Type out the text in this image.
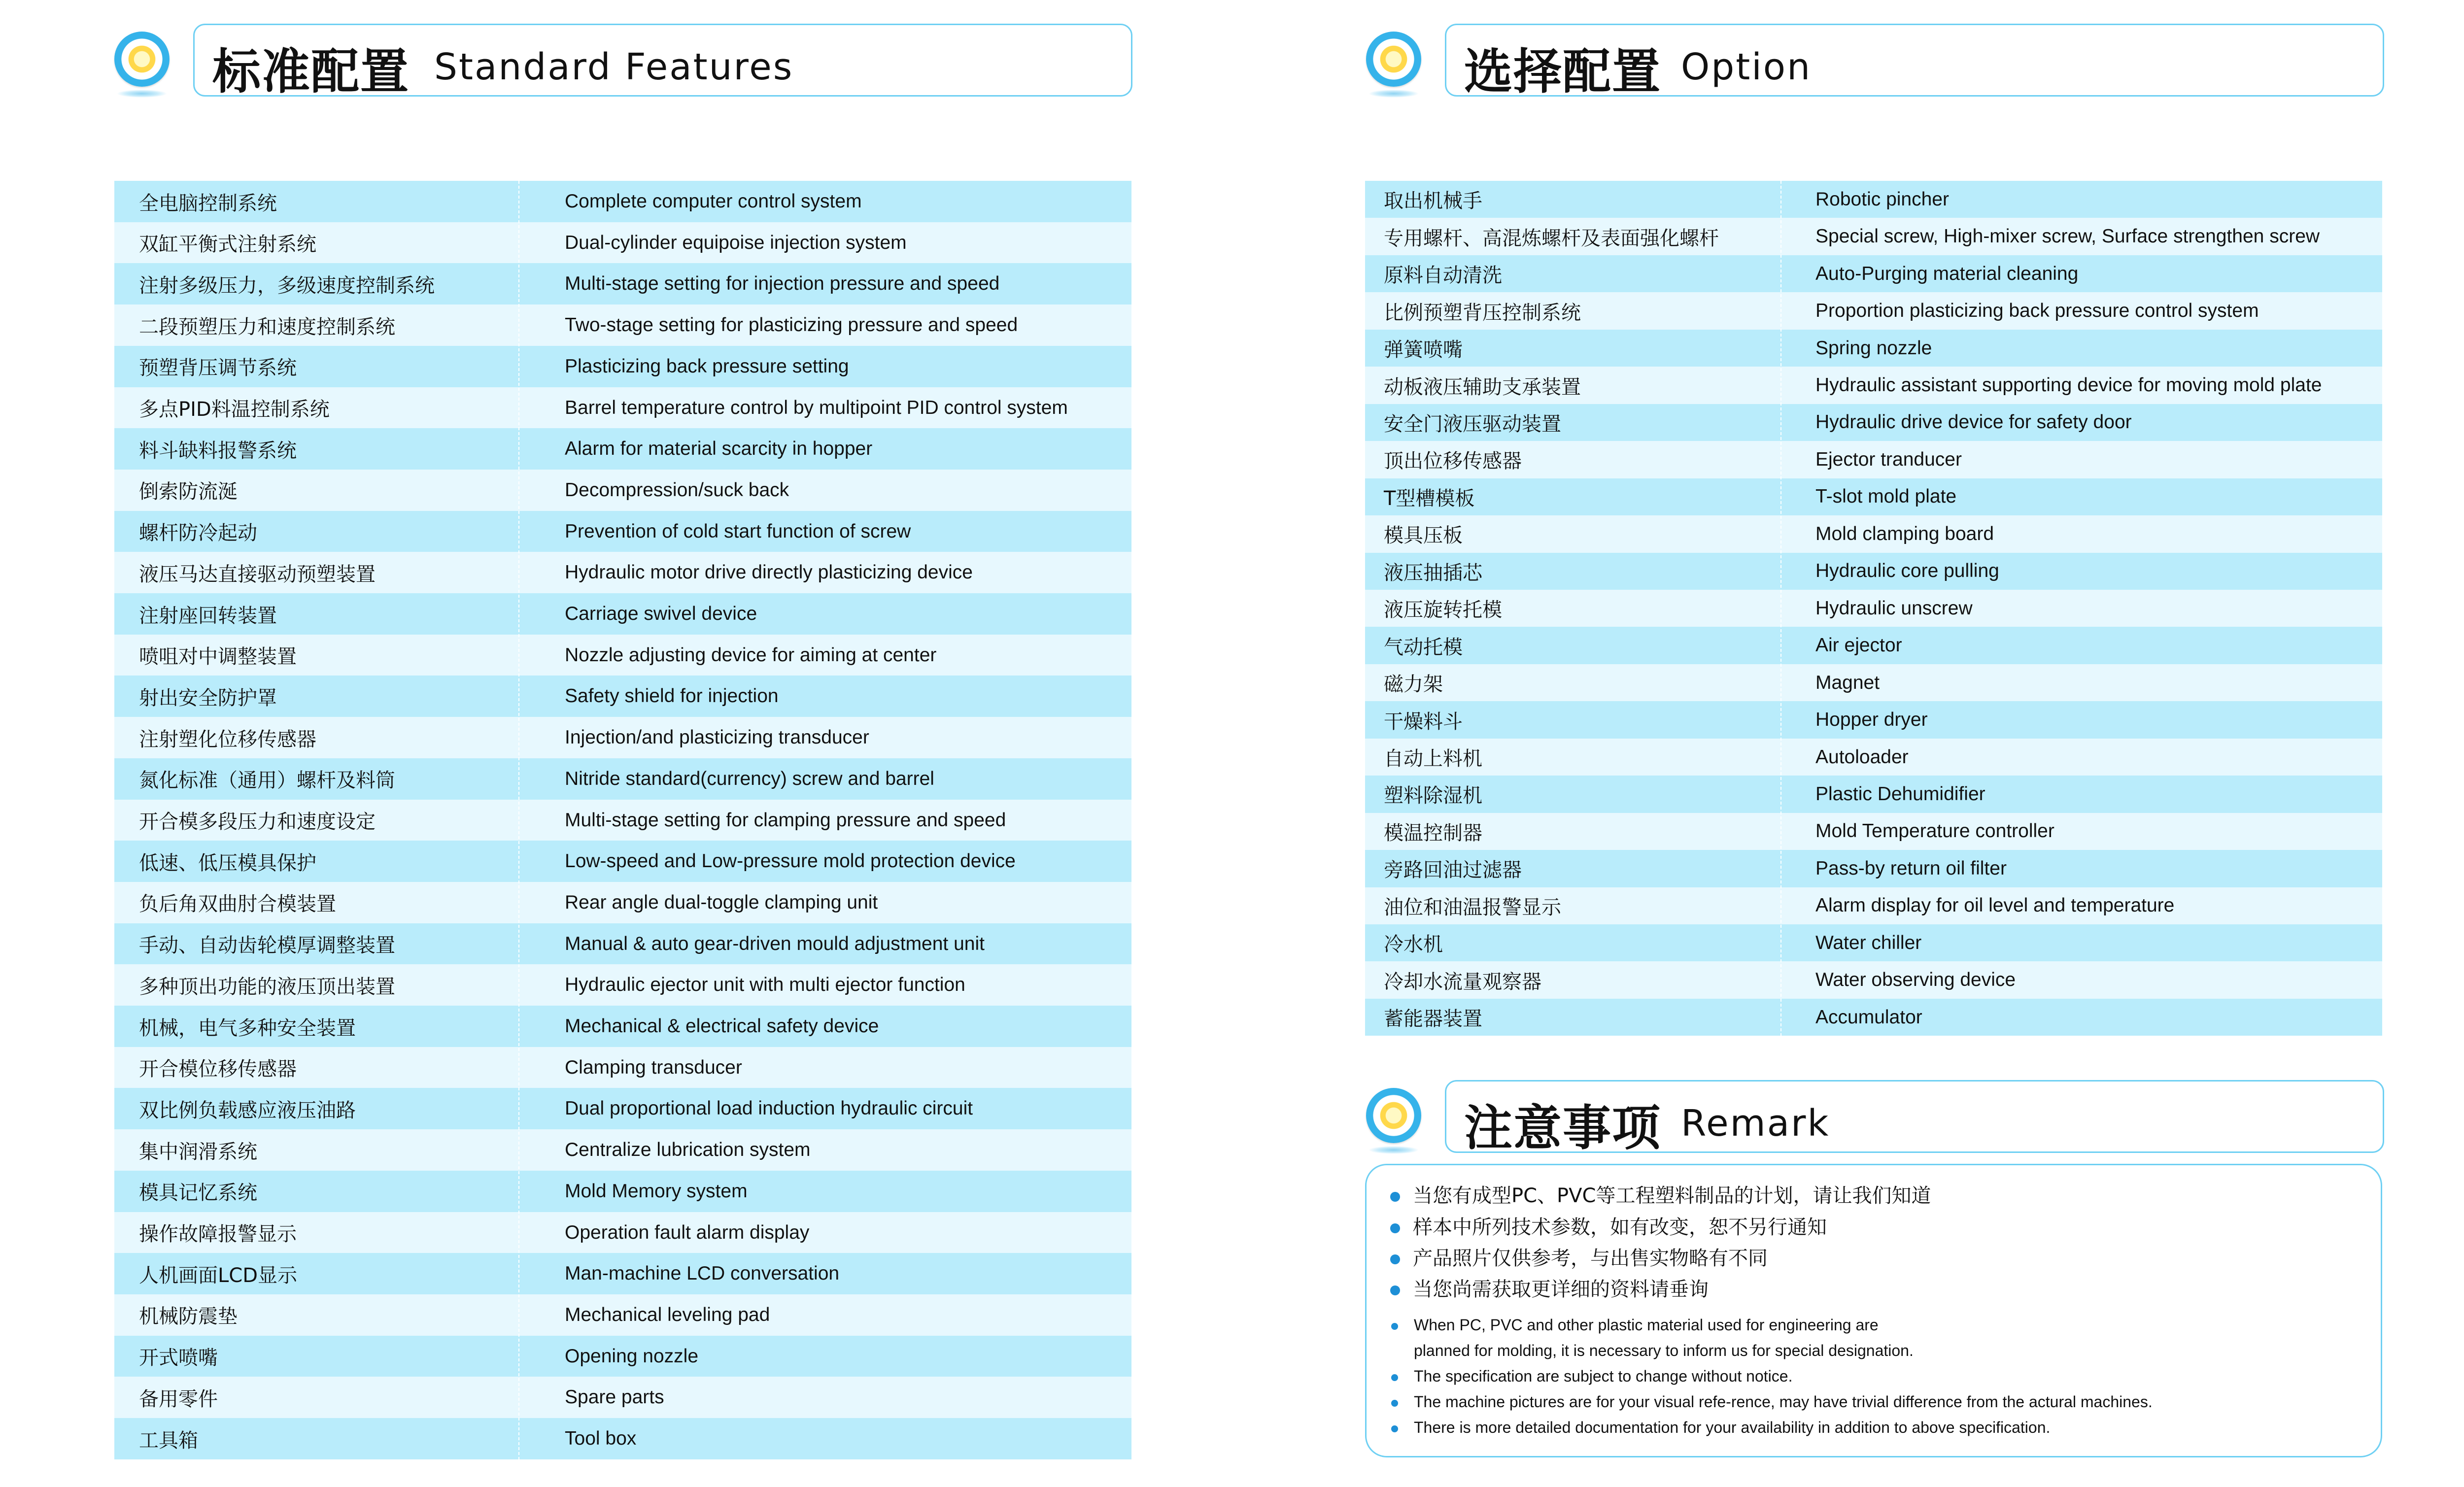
标准配置 Standard Features	选择配置 Option
全电脑控制系统	Complete computer control system
双缸平衡式注射系统	Dual-cylinder equipoise injection system
注射多级压力，多级速度控制系统	Multi-stage setting for injection pressure and speed
二段预塑压力和速度控制系统	Two-stage setting for plasticizing pressure and speed
预塑背压调节系统	Plasticizing back pressure setting
多点PID料温控制系统	Barrel temperature control by multipoint PID control system
料斗缺料报警系统	Alarm for material scarcity in hopper
倒索防流涎	Decompression/suck back
螺杆防冷起动	Prevention of cold start function of screw
液压马达直接驱动预塑装置	Hydraulic motor drive directly plasticizing device
注射座回转装置	Carriage swivel device
喷咀对中调整装置	Nozzle adjusting device for aiming at center
射出安全防护罩	Safety shield for injection
注射塑化位移传感器	Injection/and plasticizing transducer
氮化标准（通用）螺杆及料筒	Nitride standard(currency) screw and barrel
开合模多段压力和速度设定	Multi-stage setting for clamping pressure and speed
低速、低压模具保护	Low-speed and Low-pressure mold protection device
负后角双曲肘合模装置	Rear angle dual-toggle clamping unit
手动、自动齿轮模厚调整装置	Manual & auto gear-driven mould adjustment unit
多种顶出功能的液压顶出装置	Hydraulic ejector unit with multi ejector function
机械，电气多种安全装置	Mechanical & electrical safety device
开合模位移传感器	Clamping transducer
双比例负载感应液压油路	Dual proportional load induction hydraulic circuit
集中润滑系统	Centralize lubrication system
模具记忆系统	Mold Memory system
操作故障报警显示	Operation fault alarm display
人机画面LCD显示	Man-machine LCD conversation
机械防震垫	Mechanical leveling pad
开式喷嘴	Opening nozzle
备用零件	Spare parts
工具箱	Tool box
取出机械手	Robotic pincher
专用螺杆、高混炼螺杆及表面强化螺杆	Special screw, High-mixer screw, Surface strengthen screw
原料自动清洗	Auto-Purging material cleaning
比例预塑背压控制系统	Proportion plasticizing back pressure control system
弹簧喷嘴	Spring nozzle
动板液压辅助支承装置	Hydraulic assistant supporting device for moving mold plate
安全门液压驱动装置	Hydraulic drive device for safety door
顶出位移传感器	Ejector tranducer
T型槽模板	T-slot mold plate
模具压板	Mold clamping board
液压抽插芯	Hydraulic core pulling
液压旋转托模	Hydraulic unscrew
气动托模	Air ejector
磁力架	Magnet
干燥料斗	Hopper dryer
自动上料机	Autoloader
塑料除湿机	Plastic Dehumidifier
模温控制器	Mold Temperature controller
旁路回油过滤器	Pass-by return oil filter
油位和油温报警显示	Alarm display for oil level and temperature
冷水机	Water chiller
冷却水流量观察器	Water observing device
蓄能器装置	Accumulator
注意事项 Remark
当您有成型PC、PVC等工程塑料制品的计划，请让我们知道
样本中所列技术参数，如有改变，恕不另行通知
产品照片仅供参考，与出售实物略有不同
当您尚需获取更详细的资料请垂询
When PC, PVC and other plastic material used for engineering are
planned for molding, it is necessary to inform us for special designation.
The specification are subject to change without notice.
The machine pictures are for your visual refe-rence, may have trivial difference from the actural machines.
There is more detailed documentation for your availability in addition to above specification.
